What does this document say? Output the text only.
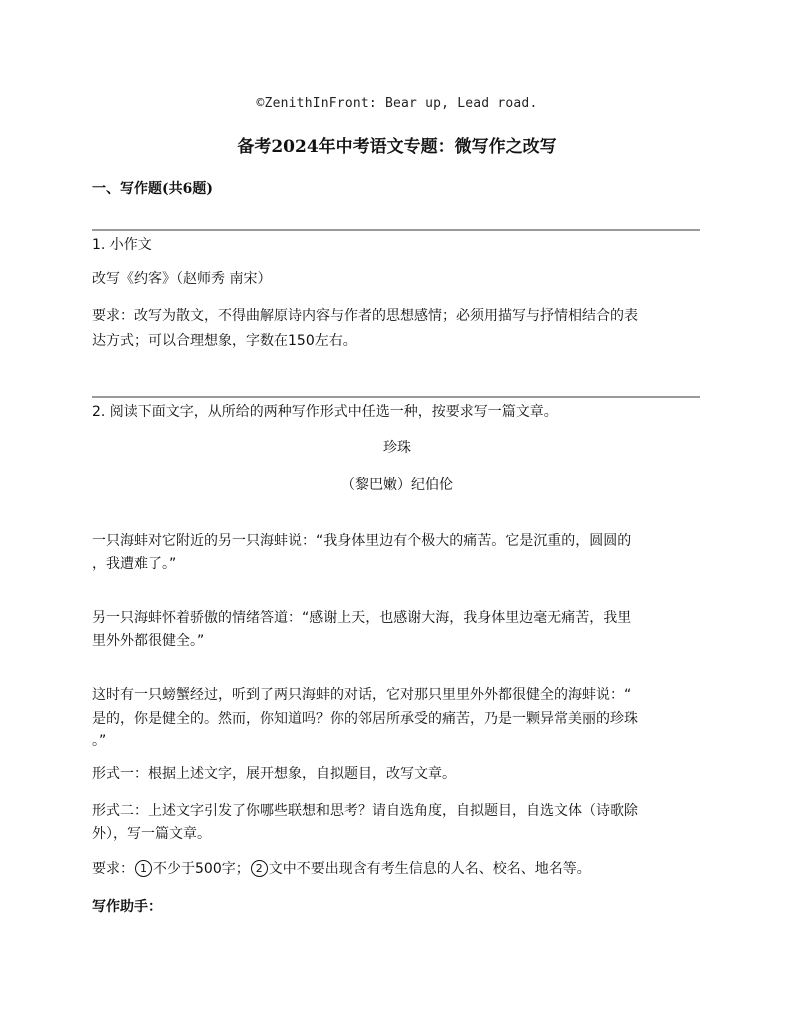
©ZenithInFront: Bear up, Lead road.
备考2024年中考语文专题：微写作之改写
一、写作题(共6题)
1. 小作文
改写《约客》（赵师秀 南宋）
要求：改写为散文，不得曲解原诗内容与作者的思想感情；必须用描写与抒情相结合的表
达方式；可以合理想象，字数在150左右。
2. 阅读下面文字，从所给的两种写作形式中任选一种，按要求写一篇文章。
珍珠
（黎巴嫩）纪伯伦
一只海蚌对它附近的另一只海蚌说：“我身体里边有个极大的痛苦。它是沉重的，圆圆的
，我遭难了。”
另一只海蚌怀着骄傲的情绪答道：“感谢上天，也感谢大海，我身体里边毫无痛苦，我里
里外外都很健全。”
这时有一只螃蟹经过，听到了两只海蚌的对话，它对那只里里外外都很健全的海蚌说：“
是的，你是健全的。然而，你知道吗？你的邻居所承受的痛苦，乃是一颗异常美丽的珍珠
。”
形式一：根据上述文字，展开想象，自拟题目，改写文章。
形式二：上述文字引发了你哪些联想和思考？请自选角度，自拟题目，自选文体（诗歌除
外），写一篇文章。
要求： 1 不少于500字； 2 文中不要出现含有考生信息的人名、校名、地名等。
写作助手：
